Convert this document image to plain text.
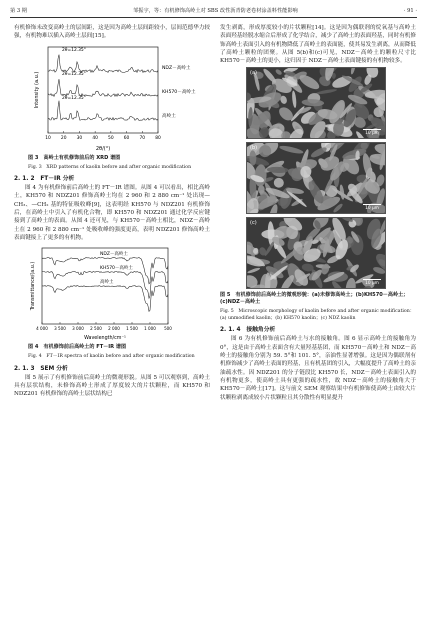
第 3 期	邹振宇，等：有机修饰高岭土对 SBS 改性沥青防老卷材涂盖料性能影响	· 91 ·

有机修饰未改变高岭土的层间距，这是因为高岭土层间距较小，层间范德华力较强，有机物难以插入高岭土层间[15]。

Intensity (a.u.)
2θ/(°)
10 20 30 40 50 60 70 80
NDZ－高岭土
2θ=12.35°
KH570－高岭土
2θ=12.35°
高岭土
2θ=12.35°
图 3　高岭土有机修饰前后的 XRD 谱图
Fig. 3　XRD patterns of kaolin before and after organic modification
2. 1. 2　FT－IR 分析

图 4 为有机修饰前后高岭土的 FT－IR 谱图。从图 4 可以看出，相比高岭土，KH570 和 NDZ201 修饰高岭土均在 2 960 和 2 880 cm⁻¹ 处出现—CH₃、—CH₂ 基的特征吸收峰[9]，这表明经 KH570 与 NDZ201 有机修饰后，在高岭土中引入了有机化合物，即 KH570 和 NDZ201 通过化学反应键接到了高岭土的表面。从图 4 还可见，与 KH570－高岭土相比，NDZ－高岭土在 2 960 和 2 880 cm⁻¹ 处吸收峰的强度更高，表明 NDZ201 修饰高岭土表面键接上了更多的有机物。

Transmittance/(a.u.)
Wavelength/cm⁻¹
4 000 3 500 3 000 2 500 2 000 1 500 1 000 500
NDZ－高岭土
KH570－高岭土
高岭土
图 4　有机修饰前后高岭土的 FT－IR 谱图
Fig. 4　FT－IR spectra of kaolin before and after organic modification
2. 1. 3　SEM 分析

图 5 展示了有机修饰前后高岭土的微观形貌。从图 5 可以观察到，高岭土具有层状结构，未修饰高岭土形成了厚度较大的片状颗粒，而 KH570 和 NDZ201 有机修饰的高岭土层状结构已

发生剥离，形成厚度较小的片状颗粒[14]。这是因为偶联剂的烷氧基与高岭土表面羟基经脱水缩合后形成了化学结合，减少了高岭土的表面羟基，同时有机修饰高岭土表面引入的有机物降低了高岭土的表面能，使其易发生剥离，从而降低了高岭土颗粒的团聚。从图 5(b)和(c)可见，NDZ－高岭土的颗粒尺寸比 KH570－高岭土的更小，这归因于 NDZ－高岭土表面键接的有机物较多。

(a)
10 μm
(b)
10 μm
(c)
10 μm
图 5　有机修饰前后高岭土的微观形貌：(a)未修饰高岭土；(b)KH570－高岭土；(c)NDZ－高岭土
Fig. 5　Microscopic morphology of kaolin before and after organic modification：(a) unmodified kaolin；(b) KH570 kaolin；(c) NDZ kaolin
2. 1. 4　接触角分析

图 6 为有机修饰前后高岭土与水的接触角。图 6 显示高岭土的接触角为 0°，这是由于高岭土表面含有大量羟基基团，而 KH570－高岭土和 NDZ－高岭土的接触角分别为 59. 5°和 101. 5°，亲油性显著增强。这是因为偶联剂有机修饰减少了高岭土表面的羟基，且有机基团的引入，大幅度提升了高岭土的亲油疏水性。因 NDZ201 的分子链段比 KH570 长，NDZ－高岭土表面引入的有机物更多，使高岭土具有更强的疏水性，故 NDZ－高岭土的接触角大于 KH570－高岭土[17]。这与前文 SEM 观察结果中有机修饰使高岭土由较大片状颗粒剥离成较小片状颗粒且其分散性有明显提升
